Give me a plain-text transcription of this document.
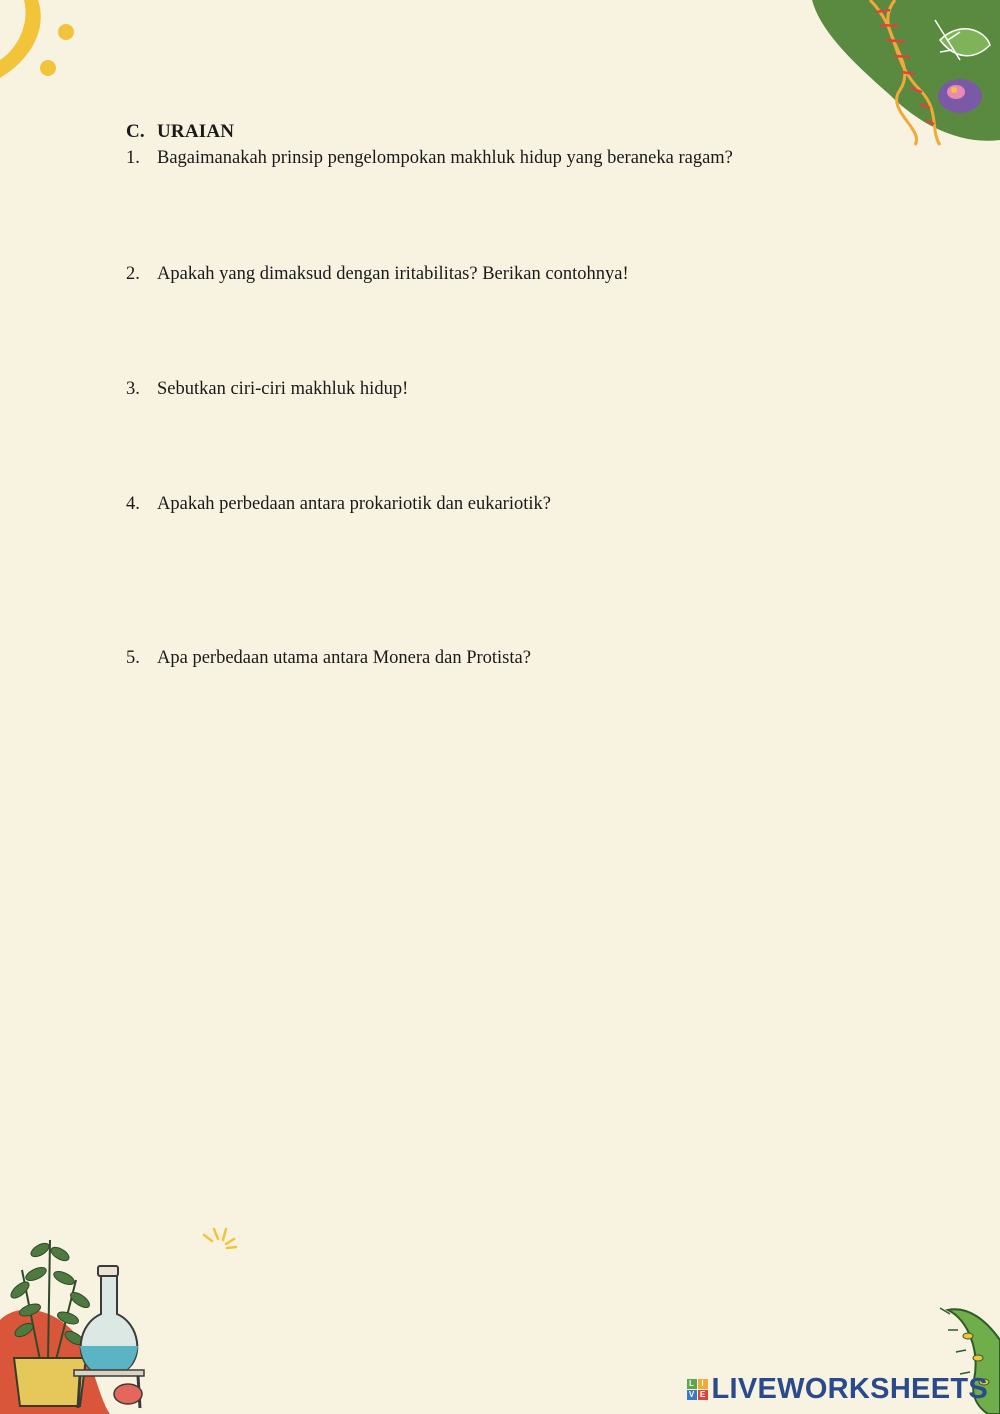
C. URAIAN
1. Bagaimanakah prinsip pengelompokan makhluk hidup yang beraneka ragam?
2. Apakah yang dimaksud dengan iritabilitas? Berikan contohnya!
3. Sebutkan ciri-ciri makhluk hidup!
4. Apakah perbedaan antara prokariotik dan eukariotik?
5. Apa perbedaan utama antara Monera dan Protista?
L I
V E LIVEWORKSHEETS
